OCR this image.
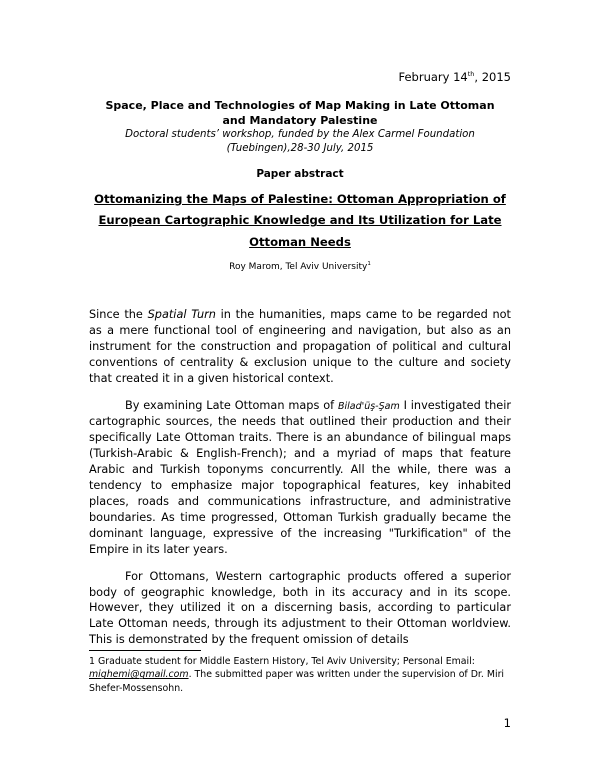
February 14th, 2015
Space, Place and Technologies of Map Making in Late Ottoman
and Mandatory Palestine
Doctoral students’ workshop, funded by the Alex Carmel Foundation
(Tuebingen),28-30 July, 2015
Paper abstract
Ottomanizing the Maps of Palestine: Ottoman Appropriation of European Cartographic Knowledge and Its Utilization for Late Ottoman Needs
Roy Marom, Tel Aviv University$^1$

Since the Spatial Turn in the humanities, maps came to be regarded not as a mere functional tool of engineering and navigation, but also as an instrument for the construction and propagation of political and cultural conventions of centrality & exclusion unique to the culture and society that created it in a given historical context.

By examining Late Ottoman maps of Bilad'üş-Şam I investigated their cartographic sources, the needs that outlined their production and their specifically Late Ottoman traits. There is an abundance of bilingual maps (Turkish-Arabic & English-French); and a myriad of maps that feature Arabic and Turkish toponyms concurrently. All the while, there was a tendency to emphasize major topographical features, key inhabited places, roads and communications infrastructure, and administrative boundaries. As time progressed, Ottoman Turkish gradually became the dominant language, expressive of the increasing "Turkification" of the Empire in its later years.

For Ottomans, Western cartographic products offered a superior body of geographic knowledge, both in its accuracy and in its scope. However, they utilized it on a discerning basis, according to particular Late Ottoman needs, through its adjustment to their Ottoman worldview. This is demonstrated by the frequent omission of details

1 Graduate student for Middle Eastern History, Tel Aviv University; Personal Email: mighemi@gmail.com. The submitted paper was written under the supervision of Dr. Miri Shefer-Mossensohn.
1
